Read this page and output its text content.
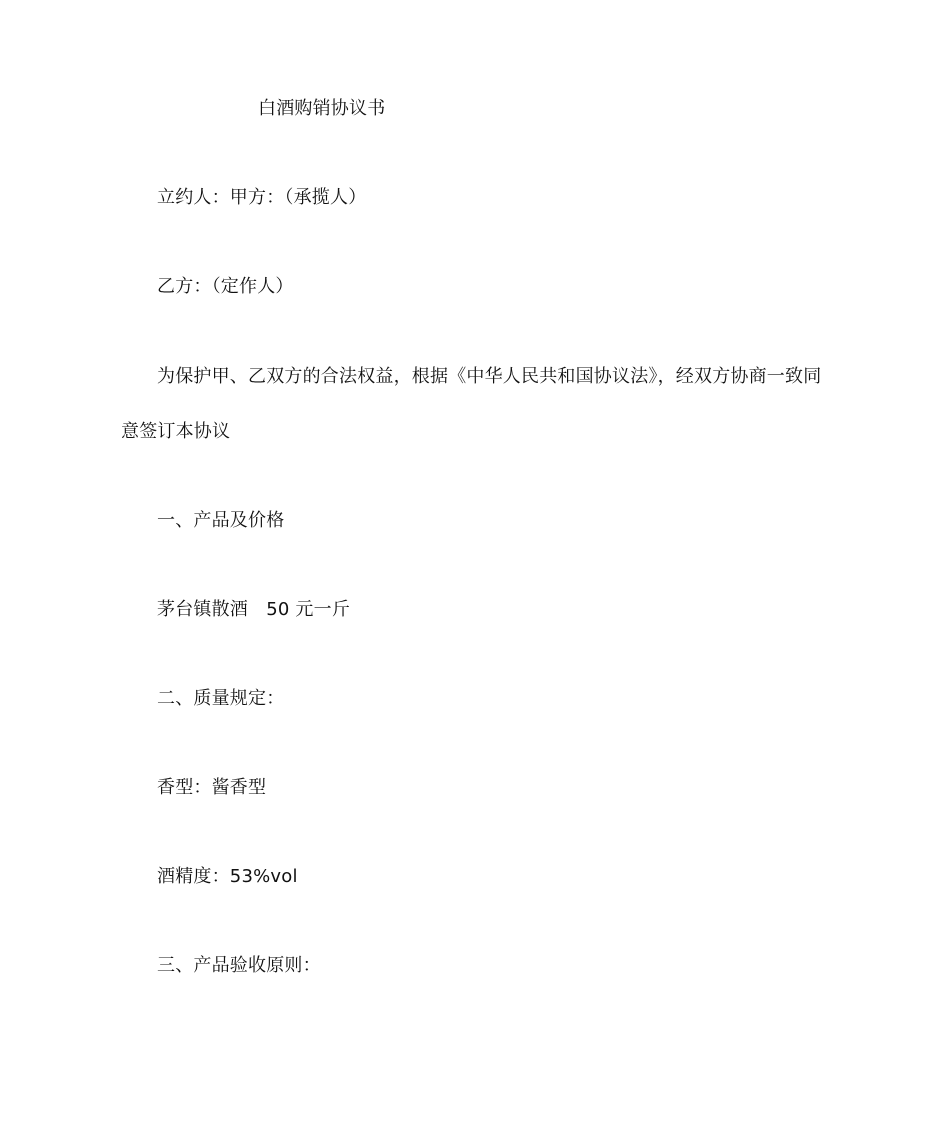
白酒购销协议书
立约人：甲方：（承揽人）
乙方：（定作人）
为保护甲、乙双方的合法权益，根据《中华人民共和国协议法》，经双方协商一致同
意签订本协议
一、产品及价格
茅台镇散酒　50 元一斤
二、质量规定：
香型：酱香型
酒精度：53%vol
三、产品验收原则：
